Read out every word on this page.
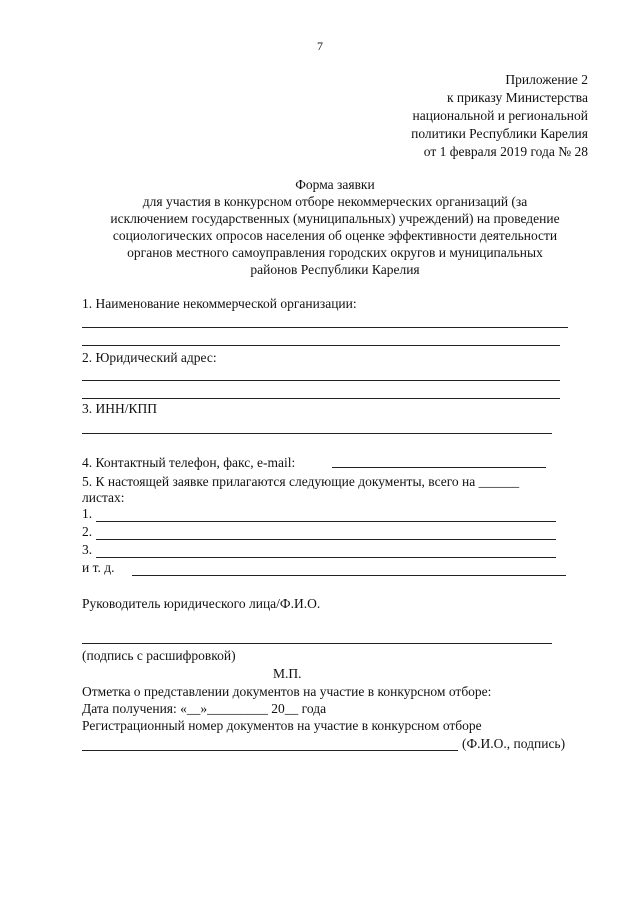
7
Приложение 2
к приказу Министерства
национальной и региональной
политики Республики Карелия
от 1 февраля 2019 года № 28
Форма заявки
для участия в конкурсном отборе некоммерческих организаций (за
исключением государственных (муниципальных) учреждений) на проведение
социологических опросов населения об оценке эффективности деятельности
органов местного самоуправления городских округов и муниципальных
районов Республики Карелия
1. Наименование некоммерческой организации:
2. Юридический адрес:
3. ИНН/КПП
4. Контактный телефон, факс, e-mail:
5. К настоящей заявке прилагаются следующие документы, всего на ______
листах:
1.
2.
3.
и т. д.
Руководитель юридического лица/Ф.И.О.
(подпись с расшифровкой)
М.П.
Отметка о представлении документов на участие в конкурсном отборе:
Дата получения: «__»_________ 20__ года
Регистрационный номер документов на участие в конкурсном отборе
(Ф.И.О., подпись)
